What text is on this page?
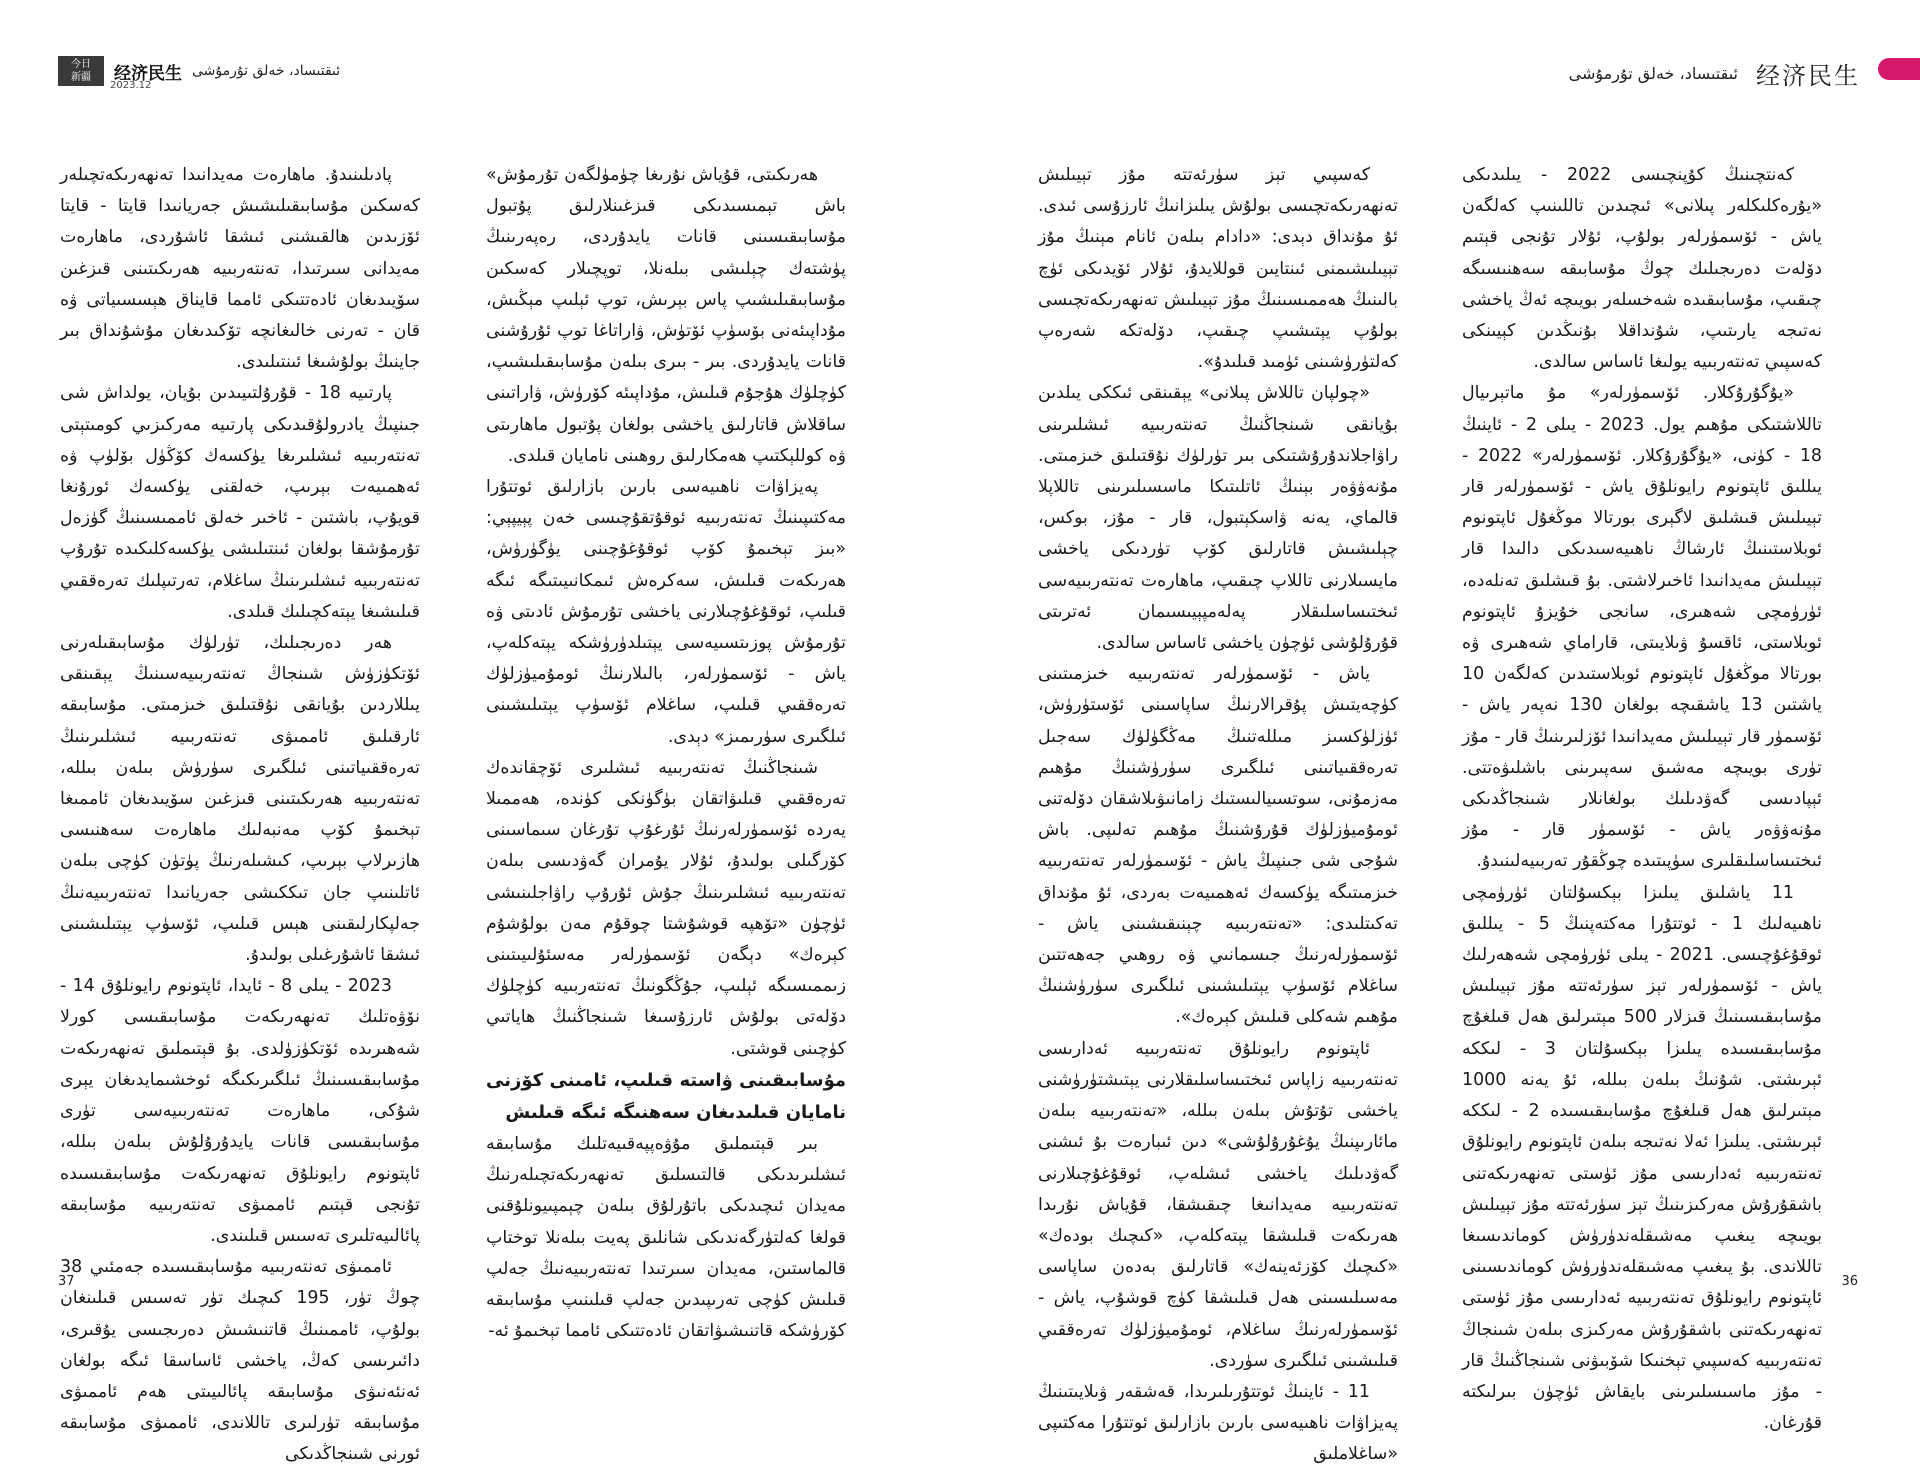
今日
新疆 经济民生 ئىقتىساد، خەلق تۇرمۇشى
2023.12
ئىقتىساد، خەلق تۇرمۇشى 经济民生

پادىلىنىدۇ. ماھارەت مەيدانىدا تەنھەرىكەتچىلەر كەسكىن مۇسابىقىلىشىش جەريانىدا قايتا - قايتا ئۆزىدىن ھالقىشنى ئىشقا ئاشۇردى، ماھارەت مەيدانى سىرتىدا، تەنتەربىيە ھەرىكىتىنى قىزغىن سۆيىدىغان ئادەتتىكى ئامما قايناق ھېسسىياتى ۋە قان - تەرنى خالىغانچە تۆكىدىغان مۇشۇنداق بىر جاينىڭ بولۇشىغا ئىنتىلىدى.

پارتىيە 18 - قۇرۇلتىيىدىن بۇيان، يولداش شى جىنپىڭ يادرولۇقىدىكى پارتىيە مەركىزىي كومىتېتى تەنتەربىيە ئىشلىرىغا يۈكسەك كۆڭۈل بۆلۈپ ۋە ئەھمىيەت بېرىپ، خەلقنى يۈكسەك ئورۇنغا قويۇپ، باشتىن - ئاخىر خەلق ئاممىسىنىڭ گۈزەل تۇرمۇشقا بولغان ئىنتىلىشى يۈكسەكلىكىدە تۇرۇپ تەنتەربىيە ئىشلىرىنىڭ ساغلام، تەرتىپلىك تەرەققىي قىلىشىغا يېتەكچىلىك قىلدى.

ھەر دەرىجىلىك، تۈرلۈك مۇسابىقىلەرنى ئۆتكۈزۈش شىنجاڭ تەنتەربىيەسىنىڭ يېقىنقى يىللاردىن بۇيانقى نۇقتىلىق خىزمىتى. مۇسابىقە ئارقىلىق ئاممىۋى تەنتەربىيە ئىشلىرىنىڭ تەرەققىياتىنى ئىلگىرى سۈرۈش بىلەن بىللە، تەنتەربىيە ھەرىكىتىنى قىزغىن سۆيىدىغان ئاممىغا تېخىمۇ كۆپ مەنبەلىك ماھارەت سەھنىسى ھازىرلاپ بېرىپ، كىشىلەرنىڭ پۈتۈن كۈچى بىلەن ئاتلىنىپ جان تىككىشى جەريانىدا تەنتەربىيەنىڭ جەلپكارلىقىنى ھېس قىلىپ، ئۆسۈپ يېتىلىشىنى ئىشقا ئاشۇرغىلى بولىدۇ.

2023 - يىلى 8 - ئايدا، ئاپتونوم رايونلۇق 14 - نۆۋەتلىك تەنھەرىكەت مۇسابىقىسى كورلا شەھىرىدە ئۆتكۈزۈلدى. بۇ قېتىملىق تەنھەرىكەت مۇسابىقىسىنىڭ ئىلگىرىكىگە ئوخشىمايدىغان يېرى شۇكى، ماھارەت تەنتەربىيەسى تۈرى مۇسابىقىسى قانات يايدۇرۇلۇش بىلەن بىللە، ئاپتونوم رايونلۇق تەنھەرىكەت مۇسابىقىسىدە تۇنجى قېتىم ئاممىۋى تەنتەربىيە مۇسابىقە پائالىيەتلىرى تەسىس قىلىندى.

ئاممىۋى تەنتەربىيە مۇسابىقىسىدە جەمئىي 38 چوڭ تۈر، 195 كىچىك تۈر تەسىس قىلىنغان بولۇپ، ئاممىنىڭ قاتنىشىش دەرىجىسى يۇقىرى، دائىرىسى كەڭ، ياخشى ئاساسقا ئىگە بولغان ئەنئەنىۋى مۇسابىقە پائالىيىتى ھەم ئاممىۋى مۇسابىقە تۈرلىرى تاللاندى، ئاممىۋى مۇسابىقە ئورنى شىنجاڭدىكى

ھەرىكىتى، قۇياش نۇرىغا چۈمۈلگەن تۇرمۇش» باش تېمىسىدىكى قىزغىنلارلىق پۇتبول مۇسابىقىسىنى قانات يايدۇردى، رەپەرىنىڭ پۈشتەك چېلىشى بىلەنلا، توپچىلار كەسكىن مۇسابىقىلىشىپ پاس بېرىش، توپ ئېلىپ مېڭىش، مۇداپىئەنى بۆسۈپ ئۆتۈش، ۋاراتاغا توپ ئۇرۇشنى قانات يايدۇردى. بىر - بىرى بىلەن مۇسابىقىلىشىپ، كۈچلۈك ھۇجۇم قىلىش، مۇداپىئە كۆرۈش، ۋاراتىنى ساقلاش قاتارلىق ياخشى بولغان پۇتبول ماھارىتى ۋە كوللېكتىپ ھەمكارلىق روھىنى نامايان قىلدى.

پەيزاۋات ناھىيەسى بارىن بازارلىق ئوتتۇرا مەكتىپىنىڭ تەنتەربىيە ئوقۇتقۇچىسى خەن پېيپېي: «بىز تېخىمۇ كۆپ ئوقۇغۇچىنى يۈگۈرۈش، ھەرىكەت قىلىش، سەكرەش ئىمكانىيىتىگە ئىگە قىلىپ، ئوقۇغۇچىلارنى ياخشى تۇرمۇش ئادىتى ۋە تۇرمۇش پوزىتسىيەسى يېتىلدۈرۈشكە يېتەكلەپ، ياش - ئۆسمۈرلەر، بالىلارنىڭ ئومۇميۈزلۈك تەرەققىي قىلىپ، ساغلام ئۆسۈپ يېتىلىشىنى ئىلگىرى سۈرىمىز» دېدى.

شىنجاڭنىڭ تەنتەربىيە ئىشلىرى ئۆچقاندەك تەرەققىي قىلىۋاتقان بۈگۈنكى كۈندە، ھەممىلا يەردە ئۆسمۈرلەرنىڭ ئۇرغۇپ تۇرغان سىماسىنى كۆرگىلى بولىدۇ، ئۇلار يۇمران گەۋدىسى بىلەن تەنتەربىيە ئىشلىرىنىڭ جۇش ئۇرۇپ راۋاجلىنىشى ئۈچۈن «تۆھپە قوشۇشتا چوقۇم مەن بولۇشۇم كېرەك» دېگەن ئۆسمۈرلەر مەسئۇلىيىتىنى زىممىسىگە ئېلىپ، جۇڭگونىڭ تەنتەربىيە كۈچلۈك دۆلەتى بولۇش ئارزۇسىغا شىنجاڭنىڭ ھاياتىي كۈچىنى قوشتى.

مۇسابىقىنى ۋاستە قىلىپ، ئامىنى كۆزنى نامايان قىلىدىغان سەھنىگە ئىگە قىلىش

بىر قېتىملىق مۇۋەپپەقىيەتلىك مۇسابىقە ئىشلىرىدىكى قالتىسلىق تەنھەرىكەتچىلەرنىڭ مەيدان ئىچىدىكى باتۇرلۇق بىلەن چېمپىيونلۇقنى قولغا كەلتۈرگەندىكى شانلىق پەيت بىلەنلا توختاپ قالماستىن، مەيدان سىرتىدا تەنتەربىيەنىڭ جەلپ قىلىش كۈچى تەرىپىدىن جەلپ قىلىنىپ مۇسابىقە كۆرۈشكە قاتنىشىۋاتقان ئادەتتىكى ئامما تېخىمۇ ئە-

كەسپىي تېز سۈرئەتتە مۇز تېيىلىش تەنھەرىكەتچىسى بولۇش يىلىزانىڭ ئارزۇسى ئىدى. ئۇ مۇنداق دېدى: «دادام بىلەن ئانام مېنىڭ مۇز تېيىلىشىمنى ئىنتايىن قوللايدۇ، ئۇلار ئۆيدىكى ئۈچ بالىنىڭ ھەممىسىنىڭ مۇز تېيىلىش تەنھەرىكەتچىسى بولۇپ يېتىشىپ چىقىپ، دۆلەتكە شەرەپ كەلتۈرۈشىنى ئۈمىد قىلىدۇ».

«چولپان تاللاش پىلانى» يېقىنقى ئىككى يىلدىن بۇيانقى شىنجاڭنىڭ تەنتەربىيە ئىشلىرىنى راۋاجلاندۇرۇشتىكى بىر تۈرلۈك نۇقتىلىق خىزمىتى. مۇنەۋۋەر بېنىڭ ئاتلىتىكا ماسسىلىرىنى تاللاپلا قالماي، يەنە ۋاسكېتبول، قار - مۇز، بوكس، چېلىشىش قاتارلىق كۆپ تۈردىكى ياخشى مايسىلارنى تاللاپ چىقىپ، ماھارەت تەنتەربىيەسى ئىختىساسلىقلار پەلەمپېيىسىمان ئەترىتى قۇرۇلۇشى ئۈچۈن ياخشى ئاساس سالدى.

ياش - ئۆسمۈرلەر تەنتەربىيە خىزمىتىنى كۈچەيتىش پۇقرالارنىڭ ساپاسىنى ئۆستۈرۈش، ئۈزلۈكسىز مىللەتنىڭ مەڭگۈلۈك سەجىل تەرەققىياتىنى ئىلگىرى سۈرۈشنىڭ مۇھىم مەزمۇنى، سوتسىيالىستىك زامانىۋىلاشقان دۆلەتنى ئومۇميۈزلۈك قۇرۇشنىڭ مۇھىم تەلىپى. باش شۇجى شى جىنپىڭ ياش - ئۆسمۈرلەر تەنتەربىيە خىزمىتىگە يۈكسەك ئەھمىيەت بەردى، ئۇ مۇنداق تەكىتلىدى: «تەنتەربىيە چېنىقىشىنى ياش - ئۆسمۈرلەرنىڭ جىسمانىي ۋە روھىي جەھەتتىن ساغلام ئۆسۈپ يېتىلىشىنى ئىلگىرى سۈرۈشنىڭ مۇھىم شەكلى قىلىش كېرەك».

ئاپتونوم رايونلۇق تەنتەربىيە ئەدارىسى تەنتەربىيە زاپاس ئىختىساسلىقلارنى يېتىشتۈرۈشنى ياخشى تۇتۇش بىلەن بىللە، «تەنتەربىيە بىلەن مائارىپنىڭ يۇغۇرۇلۇشى» دىن ئىبارەت بۇ ئىشنى گەۋدىلىك ياخشى ئىشلەپ، ئوقۇغۇچىلارنى تەنتەربىيە مەيدانىغا چىقىشقا، قۇياش نۇرىدا ھەرىكەت قىلىشقا يېتەكلەپ، «كىچىك بودەك» «كىچىك كۆزئەينەك» قاتارلىق بەدەن ساپاسى مەسىلىسىنى ھەل قىلىشقا كۈچ قوشۇپ، ياش - ئۆسمۈرلەرنىڭ ساغلام، ئومۇميۈزلۈك تەرەققىي قىلىشىنى ئىلگىرى سۈردى.

11 - ئاينىڭ ئوتتۇرىلىرىدا، قەشقەر ۋىلايىتىنىڭ پەيزاۋات ناھىيەسى بارىن بازارلىق ئوتتۇرا مەكتىپى «ساغلاملىق

كەنتچىنىڭ كۇپنچىسى 2022 - يىلىدىكى «يۇرەكلىكلەر پىلانى» ئىچىدىن تاللىنىپ كەلگەن ياش - ئۆسمۈرلەر بولۇپ، ئۇلار تۇنجى قېتىم دۆلەت دەرىجىلىك چوڭ مۇسابىقە سەھنىسىگە چىقىپ، مۇسابىقىدە شەخسلەر بويىچە ئەڭ ياخشى نەتىجە يارىتىپ، شۇنداقلا بۇنىڭدىن كېيىنكى كەسپىي تەنتەربىيە يولىغا ئاساس سالدى.

«يۇگۇرۇكلار. ئۆسمۈرلەر» مۇ ماتېرىيال تاللاشتىكى مۇھىم يول. 2023 - يىلى 2 - ئاينىڭ 18 - كۈنى، «يۇگۇرۇكلار. ئۆسمۈرلەر» 2022 - يىللىق ئاپتونوم رايونلۇق ياش - ئۆسمۈرلەر قار تېيىلىش قىشلىق لاگېرى بورتالا موڭغۇل ئاپتونوم ئوبلاستىنىڭ ئارشاڭ ناھىيەسىدىكى دالىدا قار تېيىلىش مەيدانىدا ئاخىرلاشتى. بۇ قىشلىق تەنلەدە، ئۈرۈمچى شەھىرى، سانجى خۇيزۇ ئاپتونوم ئوبلاستى، ئاقسۇ ۋىلايىتى، قاراماي شەھىرى ۋە بورتالا موڭغۇل ئاپتونوم ئوبلاستىدىن كەلگەن 10 ياشتىن 13 ياشقىچە بولغان 130 نەپەر ياش - ئۆسمۈر قار تېيىلىش مەيدانىدا ئۆزلىرىنىڭ قار - مۇز تۈرى بويىچە مەشىق سەپىرىنى باشلىۋەتتى. ئېپادىسى گەۋدىلىك بولغانلار شىنجاڭدىكى مۇنەۋۋەر ياش - ئۆسمۈر قار - مۇز ئىختىساسلىقلىرى سۈپىتىدە چوڭقۇر تەربىيەلىنىدۇ.

11 ياشلىق يىلىزا بېكسۇلتان ئۈرۈمچى ناھىيەلىك 1 - ئوتتۇرا مەكتەپنىڭ 5 - يىللىق ئوقۇغۇچىسى. 2021 - يىلى ئۈرۈمچى شەھەرلىك ياش - ئۆسمۈرلەر تېز سۈرئەتتە مۇز تېيىلىش مۇسابىقىسىنىڭ قىزلار 500 مېتىرلىق ھەل قىلغۇچ مۇسابىقىسىدە يىلىزا بېكسۇلتان 3 - لىككە ئېرىشتى. شۇنىڭ بىلەن بىللە، ئۇ يەنە 1000 مېتىرلىق ھەل قىلغۇچ مۇسابىقىسىدە 2 - لىككە ئېرىشتى. يىلىزا ئەلا نەتىجە بىلەن ئاپتونوم رايونلۇق تەنتەربىيە ئەدارىسى مۇز ئۈستى تەنھەرىكەتنى باشقۇرۇش مەركىزىنىڭ تېز سۈرئەتتە مۇز تېيىلىش بويىچە يىغىپ مەشىقلەندۈرۈش كوماندىسىغا تاللاندى. بۇ يىغىپ مەشىقلەندۈرۈش كوماندىسىنى ئاپتونوم رايونلۇق تەنتەربىيە ئەدارىسى مۇز ئۈستى تەنھەرىكەتنى باشقۇرۇش مەركىزى بىلەن شىنجاڭ تەنتەربىيە كەسپىي تېخنىكا شۆبىۋنى شىنجاڭنىڭ قار - مۇز ماسىسلىرىنى بايقاش ئۈچۈن بىرلىكتە قۇرغان.

37	36
